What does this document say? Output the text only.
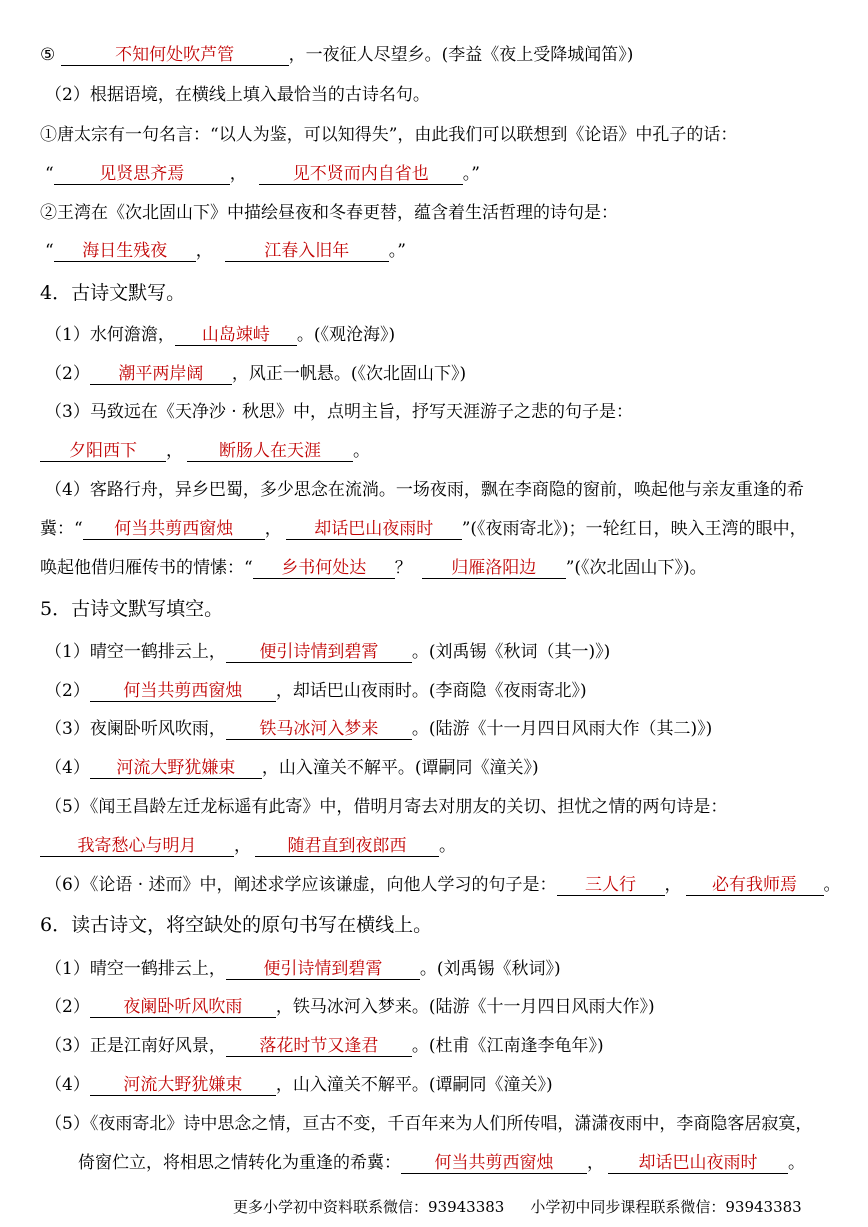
⑤	不知何处吹芦管	，一夜征人尽望乡。(李益《夜上受降城闻笛》)
（2）根据语境，在横线上填入最恰当的古诗名句。
①唐太宗有一句名言：“以人为鉴，可以知得失”，由此我们可以联想到《论语》中孔子的话：
“	见贤思齐焉	，	见不贤而内自省也 。”
②王湾在《次北固山下》中描绘昼夜和冬春更替，蕴含着生活哲理的诗句是：
“ 海日生残夜 ，	江春入旧年 。”
4．古诗文默写。
（1）水何澹澹， 山岛竦峙 。(《观沧海》)
（2） 潮平两岸阔 ，风正一帆悬。(《次北固山下》)
（3）马致远在《天净沙 · 秋思》中，点明主旨，抒写天涯游子之悲的句子是：
夕阳西下 ， 断肠人在天涯 。
（4）客路行舟，异乡巴蜀，多少思念在流淌。一场夜雨，飘在李商隐的窗前，唤起他与亲友重逢的希
冀：“ 何当共剪西窗烛 ， 却话巴山夜雨时 ”(《夜雨寄北》)；一轮红日，映入王湾的眼中，
唤起他借归雁传书的情愫：“ 乡书何处达 ？ 归雁洛阳边 ”(《次北固山下》)。
5．古诗文默写填空。
（1）晴空一鹤排云上， 便引诗情到碧霄 。(刘禹锡《秋词（其一)》)
（2） 何当共剪西窗烛 ，却话巴山夜雨时。(李商隐《夜雨寄北》)
（3）夜阑卧听风吹雨， 铁马冰河入梦来 。(陆游《十一月四日风雨大作（其二)》)
（4） 河流大野犹嫌束 ，山入潼关不解平。(谭嗣同《潼关》)
（5）《闻王昌龄左迁龙标遥有此寄》中，借明月寄去对朋友的关切、担忧之情的两句诗是：
我寄愁心与明月 ， 随君直到夜郎西 。
（6）《论语 · 述而》中，阐述求学应该谦虚，向他人学习的句子是： 三人行 ， 必有我师焉 。
6．读古诗文，将空缺处的原句书写在横线上。
（1）晴空一鹤排云上， 便引诗情到碧霄 。(刘禹锡《秋词》)
（2） 夜阑卧听风吹雨 ，铁马冰河入梦来。(陆游《十一月四日风雨大作》)
（3）正是江南好风景， 落花时节又逢君 。(杜甫《江南逢李龟年》)
（4） 河流大野犹嫌束 ，山入潼关不解平。(谭嗣同《潼关》)
（5）《夜雨寄北》诗中思念之情，亘古不变，千百年来为人们所传唱，潇潇夜雨中，李商隐客居寂寞，
倚窗伫立，将相思之情转化为重逢的希冀： 何当共剪西窗烛 ， 却话巴山夜雨时 。
更多小学初中资料联系微信：93943383 小学初中同步课程联系微信：93943383
